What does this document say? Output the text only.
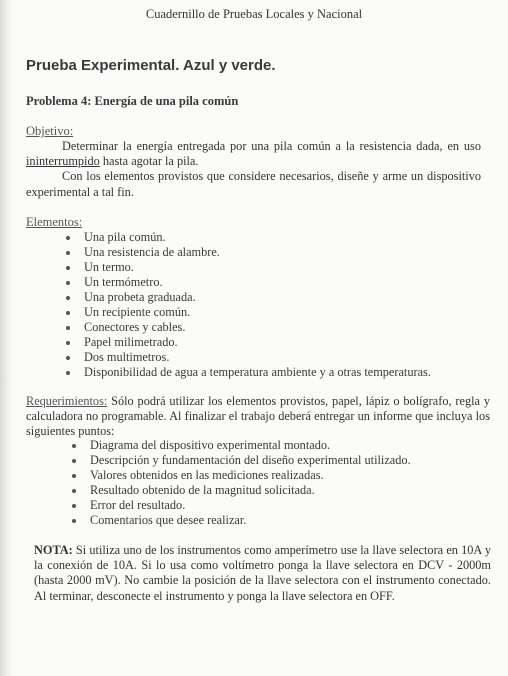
Cuadernillo de Pruebas Locales y Nacional
Prueba Experimental. Azul y verde.
Problema 4: Energía de una pila común
Objetivo:
Determinar la energía entregada por una pila común a la resistencia dada, en uso ininterrumpido hasta agotar la pila.
Con los elementos provistos que considere necesarios, diseñe y arme un dispositivo experimental a tal fin.
Elementos:
Una pila común.
Una resistencia de alambre.
Un termo.
Un termómetro.
Una probeta graduada.
Un recipiente común.
Conectores y cables.
Papel milimetrado.
Dos multimetros.
Disponibilidad de agua a temperatura ambiente y a otras temperaturas.
Requerimientos: Sólo podrá utilizar los elementos provistos, papel, lápiz o bolígrafo, regla y calculadora no programable. Al finalizar el trabajo deberá entregar un informe que incluya los siguientes puntos:
Diagrama del dispositivo experimental montado.
Descripción y fundamentación del diseño experimental utilizado.
Valores obtenidos en las mediciones realizadas.
Resultado obtenido de la magnitud solicitada.
Error del resultado.
Comentarios que desee realizar.
NOTA: Si utiliza uno de los instrumentos como amperímetro use la llave selectora en 10A y la conexión de 10A. Si lo usa como voltímetro ponga la llave selectora en DCV - 2000m (hasta 2000 mV). No cambie la posición de la llave selectora con el instrumento conectado. Al terminar, desconecte el instrumento y ponga la llave selectora en OFF.
